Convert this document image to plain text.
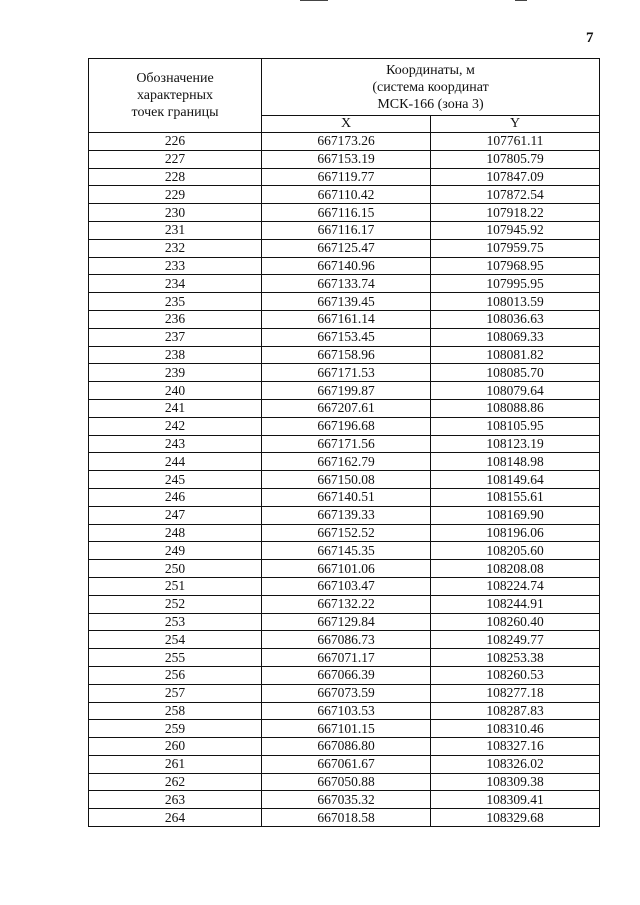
7
Обозначение
характерных
точек границы	Координаты, м
(система координат
МСК-166 (зона 3)	

	X	Y
226	667173.26	107761.11
227	667153.19	107805.79
228	667119.77	107847.09
229	667110.42	107872.54
230	667116.15	107918.22
231	667116.17	107945.92
232	667125.47	107959.75
233	667140.96	107968.95
234	667133.74	107995.95
235	667139.45	108013.59
236	667161.14	108036.63
237	667153.45	108069.33
238	667158.96	108081.82
239	667171.53	108085.70
240	667199.87	108079.64
241	667207.61	108088.86
242	667196.68	108105.95
243	667171.56	108123.19
244	667162.79	108148.98
245	667150.08	108149.64
246	667140.51	108155.61
247	667139.33	108169.90
248	667152.52	108196.06
249	667145.35	108205.60
250	667101.06	108208.08
251	667103.47	108224.74
252	667132.22	108244.91
253	667129.84	108260.40
254	667086.73	108249.77
255	667071.17	108253.38
256	667066.39	108260.53
257	667073.59	108277.18
258	667103.53	108287.83
259	667101.15	108310.46
260	667086.80	108327.16
261	667061.67	108326.02
262	667050.88	108309.38
263	667035.32	108309.41
264	667018.58	108329.68
